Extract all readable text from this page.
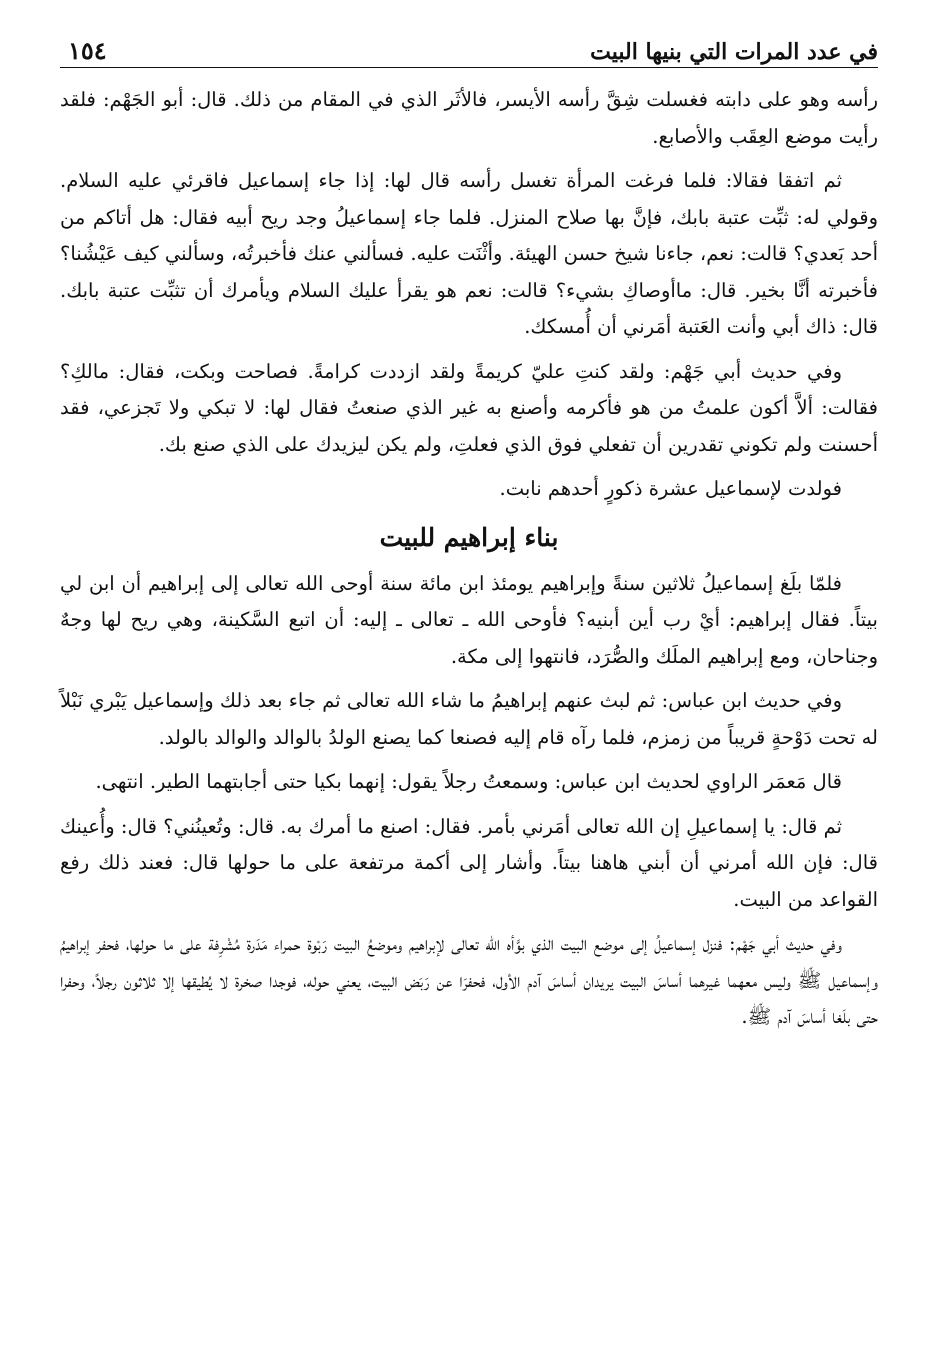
في عدد المرات التي بنيها البيت
١٥٤

رأسه وهو على دابته فغسلت شِقَّ رأسه الأيسر، فالأثَر الذي في المقام من ذلك. قال: أبو الجَهْم: فلقد رأيت موضع العِقَب والأصابع.

ثم اتفقا فقالا: فلما فرغت المرأة تغسل رأسه قال لها: إذا جاء إسماعيل فاقرئي عليه السلام. وقولي له: ثبِّت عتبة بابك، فإنَّ بها صلاح المنزل. فلما جاء إسماعيلُ وجد ريح أبيه فقال: هل أتاكم من أحد بَعدي؟ قالت: نعم، جاءنا شيخ حسن الهيئة. وأثْنَت عليه. فسألني عنك فأخبرتُه، وسألني كيف عَيْشُنا؟ فأخبرته أنَّا بخير. قال: ماأوصاكِ بشيء؟ قالت: نعم هو يقرأ عليك السلام ويأمرك أن تثبِّت عتبة بابك. قال: ذاك أبي وأنت العَتبة أمَرني أن أُمسكك.

وفي حديث أبي جَهْم: ولقد كنتِ عليّ كريمةً ولقد ازددت كرامةً. فصاحت وبكت، فقال: مالكِ؟ فقالت: ألاَّ أكون علمتُ من هو فأكرمه وأصنع به غير الذي صنعتُ فقال لها: لا تبكي ولا تَجزعي، فقد أحسنت ولم تكوني تقدرين أن تفعلي فوق الذي فعلتِ، ولم يكن ليزيدك على الذي صنع بك.

فولدت لإسماعيل عشرة ذكورٍ أحدهم نابت.

بناء إبراهيم للبيت

فلمّا بلَغ إسماعيلُ ثلاثين سنةً وإبراهيم يومئذ ابن مائة سنة أوحى الله تعالى إلى إبراهيم أن ابن لي بيتاً. فقال إبراهيم: أيْ رب أين أبنيه؟ فأوحى الله ـ تعالى ـ إليه: أن اتبع السَّكينة، وهي ريح لها وجهٌ وجناحان، ومع إبراهيم الملَك والصُّرَد، فانتهوا إلى مكة.

وفي حديث ابن عباس: ثم لبث عنهم إبراهيمُ ما شاء الله تعالى ثم جاء بعد ذلك وإسماعيل يَبْري نَبْلاً له تحت دَوْحةٍ قريباً من زمزم، فلما رآه قام إليه فصنعا كما يصنع الولدُ بالوالد والوالد بالولد.

قال مَعمَر الراوي لحديث ابن عباس: وسمعتُ رجلاً يقول: إنهما بكيا حتى أجابتهما الطير. انتهى.

ثم قال: يا إسماعيلِ إن الله تعالى أمَرني بأمر. فقال: اصنع ما أمرك به. قال: وتُعينُني؟ قال: وأُعينك قال: فإن الله أمرني أن أبني هاهنا بيتاً. وأشار إلى أكمة مرتفعة على ما حولها قال: فعند ذلك رفع القواعد من البيت.

وفي حديث أبي جَهْم: فنزل إسماعيلُ إلى موضع البيت الذي بوَّأه الله تعالى لإبراهيم وموضعُ البيت رَبْوة حمراء مَدَرة مُشْرِفة على ما حولها، فحفر إبراهيمُ وإسماعيل ﷺ وليس معهما غيرهما أساسَ البيت يريدان أساسَ آدم الأول، فحفرَا عن رَبَض البيت، يعني حوله، فوجدا صخرة لا يُطيقها إلا ثلاثون رجلاً، وحفرا حتى بلَغا أساسَ آدم ﷺ.
